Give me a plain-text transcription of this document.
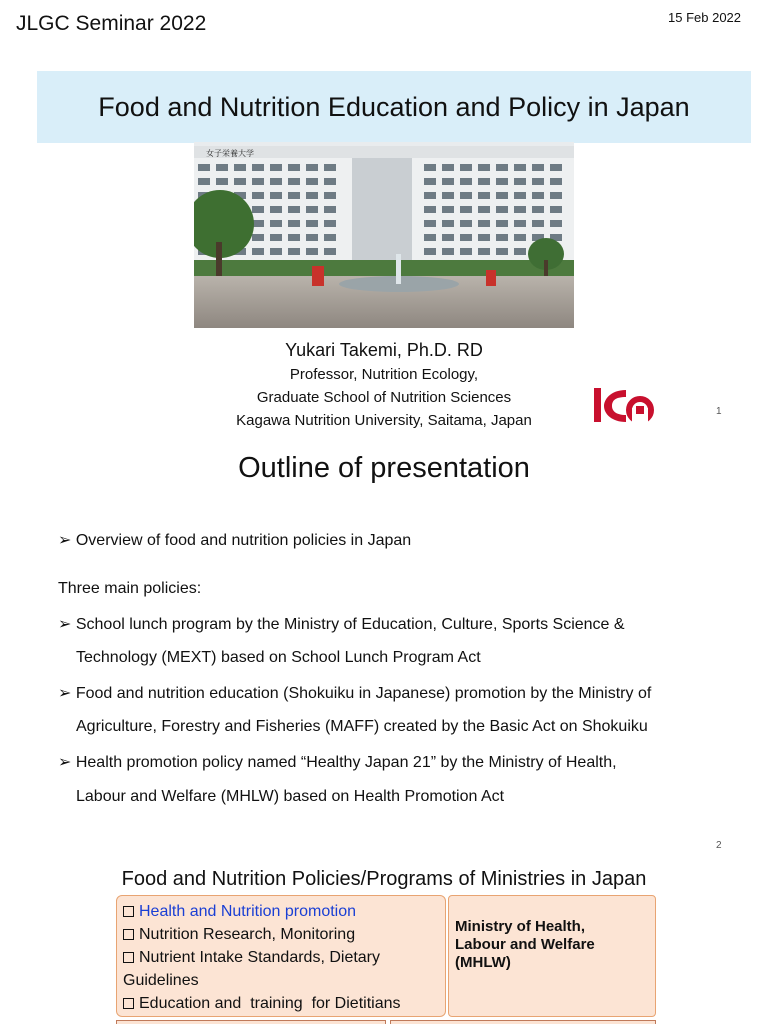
JLGC Seminar 2022	15 Feb 2022
Food and Nutrition Education and Policy in Japan
女子栄養大学
Yukari Takemi, Ph.D. RD
Professor, Nutrition Ecology,
Graduate School of Nutrition Sciences
Kagawa Nutrition University, Saitama, Japan
1
Outline of presentation
➢ Overview of food and nutrition policies in Japan
Three main policies:
➢ School lunch program by the Ministry of Education, Culture, Sports Science &
Technology (MEXT) based on School Lunch Program Act
➢ Food and nutrition education (Shokuiku in Japanese) promotion by the Ministry of
Agriculture, Forestry and Fisheries (MAFF) created by the Basic Act on Shokuiku
➢ Health promotion policy named “Healthy Japan 21” by the Ministry of Health,
Labour and Welfare (MHLW) based on Health Promotion Act
2
Food and Nutrition Policies/Programs of Ministries in Japan
Health and Nutrition promotion
Nutrition Research, Monitoring
Nutrient Intake Standards, Dietary
Guidelines
Education and  training  for Dietitians
Ministry of Health,
Labour and Welfare
(MHLW)
